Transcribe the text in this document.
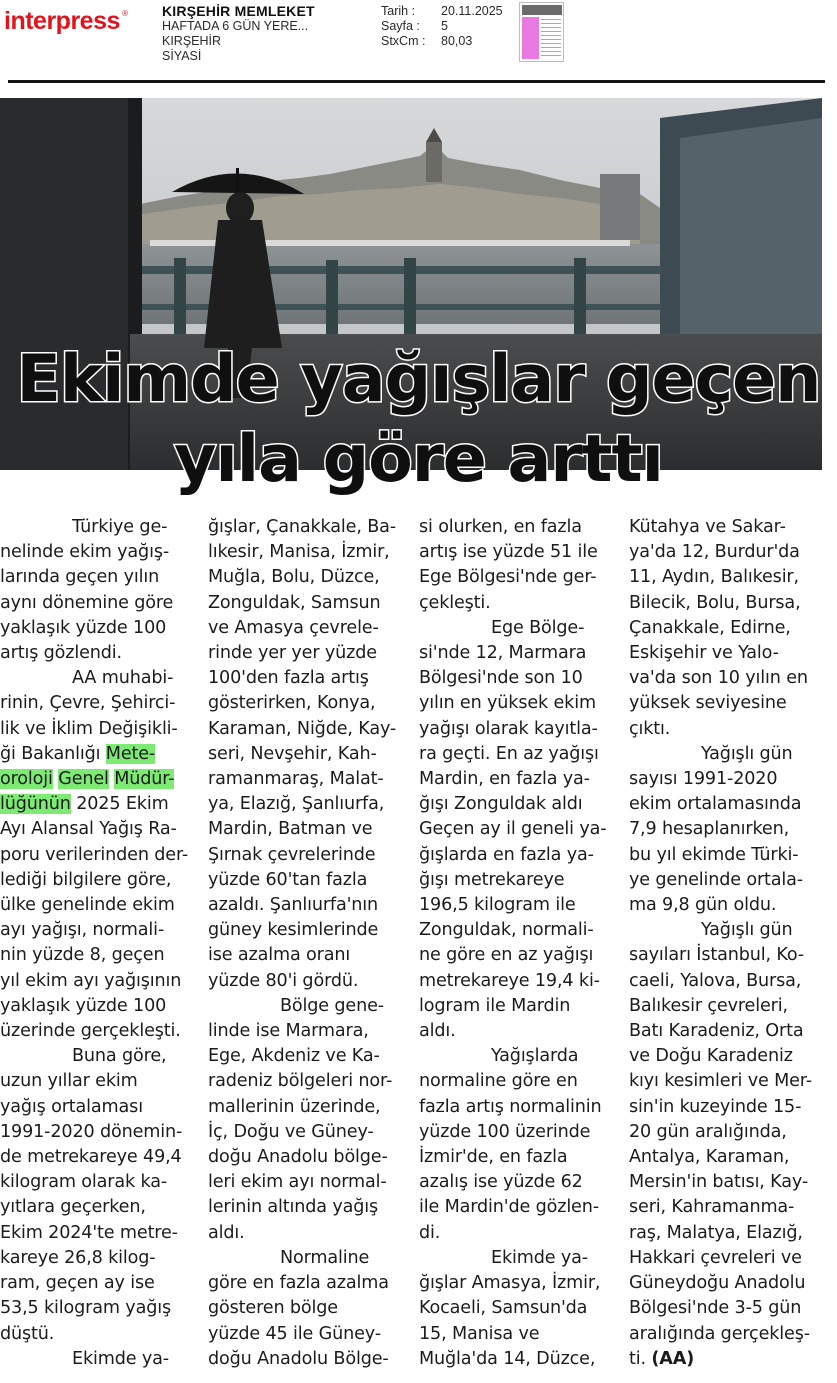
interpress ® KIRŞEHİR MEMLEKET
HAFTADA 6 GÜN YERE...
KIRŞEHİR
SİYASİ
Tarih :	20.11.2025
Sayfa :	5
StxCm :	80,03
Ekimde yağışlar geçen
yıla göre arttı

Türkiye ge-

nelinde ekim yağış-

larında geçen yılın

aynı dönemine göre

yaklaşık yüzde 100

artış gözlendi.

AA muhabi-

rinin, Çevre, Şehirci-

lik ve İklim Değişikli-

ği Bakanlığı Mete-

oroloji Genel Müdür-

lüğünün 2025 Ekim

Ayı Alansal Yağış Ra-

poru verilerinden der-

lediği bilgilere göre,

ülke genelinde ekim

ayı yağışı, normali-

nin yüzde 8, geçen

yıl ekim ayı yağışının

yaklaşık yüzde 100

üzerinde gerçekleşti.

Buna göre,

uzun yıllar ekim

yağış ortalaması

1991-2020 dönemin-

de metrekareye 49,4

kilogram olarak ka-

yıtlara geçerken,

Ekim 2024'te metre-

kareye 26,8 kilog-

ram, geçen ay ise

53,5 kilogram yağış

düştü.

Ekimde ya-

ğışlar, Çanakkale, Ba-

lıkesir, Manisa, İzmir,

Muğla, Bolu, Düzce,

Zonguldak, Samsun

ve Amasya çevrele-

rinde yer yer yüzde

100'den fazla artış

gösterirken, Konya,

Karaman, Niğde, Kay-

seri, Nevşehir, Kah-

ramanmaraş, Malat-

ya, Elazığ, Şanlıurfa,

Mardin, Batman ve

Şırnak çevrelerinde

yüzde 60'tan fazla

azaldı. Şanlıurfa'nın

güney kesimlerinde

ise azalma oranı

yüzde 80'i gördü.

Bölge gene-

linde ise Marmara,

Ege, Akdeniz ve Ka-

radeniz bölgeleri nor-

mallerinin üzerinde,

İç, Doğu ve Güney-

doğu Anadolu bölge-

leri ekim ayı normal-

lerinin altında yağış

aldı.

Normaline

göre en fazla azalma

gösteren bölge

yüzde 45 ile Güney-

doğu Anadolu Bölge-

si olurken, en fazla

artış ise yüzde 51 ile

Ege Bölgesi'nde ger-

çekleşti.

Ege Bölge-

si'nde 12, Marmara

Bölgesi'nde son 10

yılın en yüksek ekim

yağışı olarak kayıtla-

ra geçti. En az yağışı

Mardin, en fazla ya-

ğışı Zonguldak aldı

Geçen ay il geneli ya-

ğışlarda en fazla ya-

ğışı metrekareye

196,5 kilogram ile

Zonguldak, normali-

ne göre en az yağışı

metrekareye 19,4 ki-

logram ile Mardin

aldı.

Yağışlarda

normaline göre en

fazla artış normalinin

yüzde 100 üzerinde

İzmir'de, en fazla

azalış ise yüzde 62

ile Mardin'de gözlen-

di.

Ekimde ya-

ğışlar Amasya, İzmir,

Kocaeli, Samsun'da

15, Manisa ve

Muğla'da 14, Düzce,

Kütahya ve Sakar-

ya'da 12, Burdur'da

11, Aydın, Balıkesir,

Bilecik, Bolu, Bursa,

Çanakkale, Edirne,

Eskişehir ve Yalo-

va'da son 10 yılın en

yüksek seviyesine

çıktı.

Yağışlı gün

sayısı 1991-2020

ekim ortalamasında

7,9 hesaplanırken,

bu yıl ekimde Türki-

ye genelinde ortala-

ma 9,8 gün oldu.

Yağışlı gün

sayıları İstanbul, Ko-

caeli, Yalova, Bursa,

Balıkesir çevreleri,

Batı Karadeniz, Orta

ve Doğu Karadeniz

kıyı kesimleri ve Mer-

sin'in kuzeyinde 15-

20 gün aralığında,

Antalya, Karaman,

Mersin'in batısı, Kay-

seri, Kahramanma-

raş, Malatya, Elazığ,

Hakkari çevreleri ve

Güneydoğu Anadolu

Bölgesi'nde 3-5 gün

aralığında gerçekleş-

ti. (AA)
